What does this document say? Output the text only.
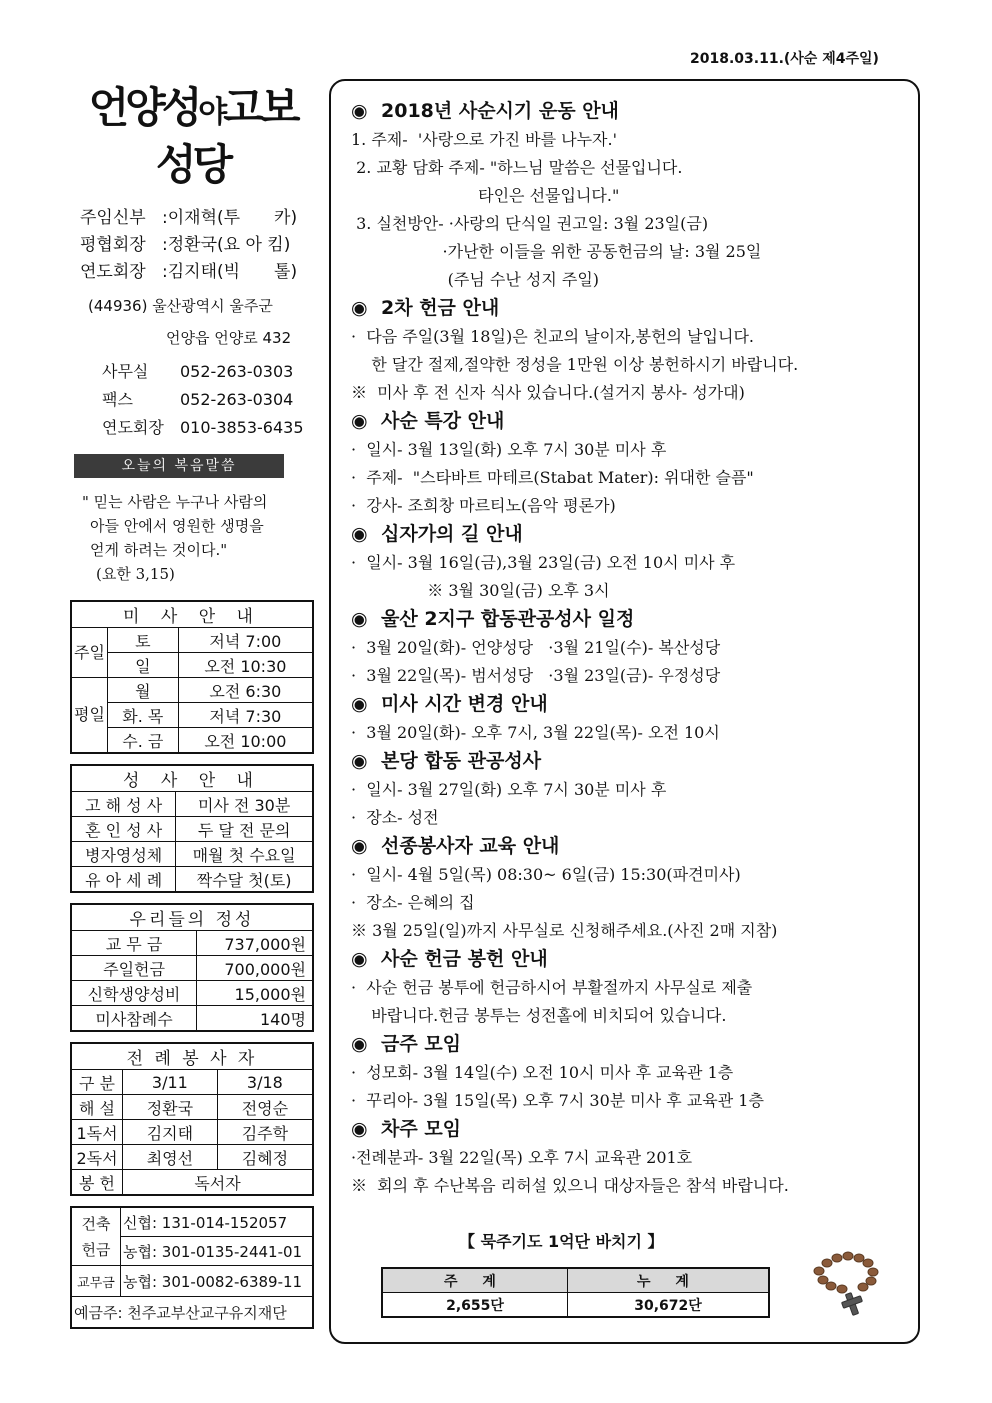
2018.03.11.(사순 제4주일)
언양성야고보
성당
주임신부 :이재혁(투　　카)
평협회장 :정환국(요 아 킴)
연도회장 :김지태(빅　　톨)
(44936) 울산광역시 울주군
언양읍 언양로 432
사무실 052-263-0303
팩스	052-263-0304
연도회장 010-3853-6435
오늘의 복음말씀
" 믿는 사람은 누구나 사람의
아들 안에서 영원한 생명을
얻게 하려는 것이다."
(요한 3,15)
미 사 안 내		
주일	토	저녁 7:00
	일	오전 10:30
평일	월	오전 6:30
	화. 목	저녁 7:30
	수. 금	오전 10:00
성 사 안 내	
고 해 성 사	미사 전 30분
혼 인 성 사	두 달 전 문의
병자영성체	매월 첫 수요일
유 아 세 례	짝수달 첫(토)
우리들의 정성	
교 무 금	737,000원
주일헌금	700,000원
신학생양성비	15,000원
미사참례수	140명
전 례 봉 사 자		
구 분	3/11	3/18
해 설	정환국	전영순
1독서	김지태	김주학
2독서	최영선	김혜정
봉 헌	독서자	
건축
헌금	신협: 131-014-152057
	농협: 301-0135-2441-01
교무금	농협: 301-0082-6389-11
예금주: 천주교부산교구유지재단	
◉ 2018년 사순시기 운동 안내
1. 주제-  '사랑으로 가진 바를 나누자.'
2. 교황 담화 주제- "하느님 말씀은 선물입니다.
타인은 선물입니다."
3. 실천방안- ·사랑의 단식일 권고일: 3월 23일(금)
·가난한 이들을 위한 공동헌금의 날: 3월 25일
(주님 수난 성지 주일)
◉ 2차 헌금 안내
·  다음 주일(3월 18일)은 친교의 날이자,봉헌의 날입니다.
한 달간 절제,절약한 정성을 1만원 이상 봉헌하시기 바랍니다.
※  미사 후 전 신자 식사 있습니다.(설거지 봉사- 성가대)
◉ 사순 특강 안내
·  일시- 3월 13일(화) 오후 7시 30분 미사 후
·  주제-  "스타바트 마테르(Stabat Mater): 위대한 슬픔"
·  강사- 조희창 마르티노(음악 평론가)
◉ 십자가의 길 안내
·  일시- 3월 16일(금),3월 23일(금) 오전 10시 미사 후
※ 3월 30일(금) 오후 3시
◉ 울산 2지구 합동관공성사 일정
·  3월 20일(화)- 언양성당   ·3월 21일(수)- 복산성당
·  3월 22일(목)- 범서성당   ·3월 23일(금)- 우정성당
◉ 미사 시간 변경 안내
·  3월 20일(화)- 오후 7시, 3월 22일(목)- 오전 10시
◉ 본당 합동 관공성사
·  일시- 3월 27일(화) 오후 7시 30분 미사 후
·  장소- 성전
◉ 선종봉사자 교육 안내
·  일시- 4월 5일(목) 08:30~ 6일(금) 15:30(파견미사)
·  장소- 은혜의 집
※ 3월 25일(일)까지 사무실로 신청해주세요.(사진 2매 지참)
◉ 사순 헌금 봉헌 안내
·  사순 헌금 봉투에 헌금하시어 부활절까지 사무실로 제출
바랍니다.헌금 봉투는 성전홀에 비치되어 있습니다.
◉ 금주 모임
·  성모회- 3월 14일(수) 오전 10시 미사 후 교육관 1층
·  꾸리아- 3월 15일(목) 오후 7시 30분 미사 후 교육관 1층
◉ 차주 모임
·전례분과- 3월 22일(목) 오후 7시 교육관 201호
※  회의 후 수난복음 리허설 있으니 대상자들은 참석 바랍니다.
【 묵주기도 1억단 바치기 】
주 계	누 계
2,655단	30,672단
